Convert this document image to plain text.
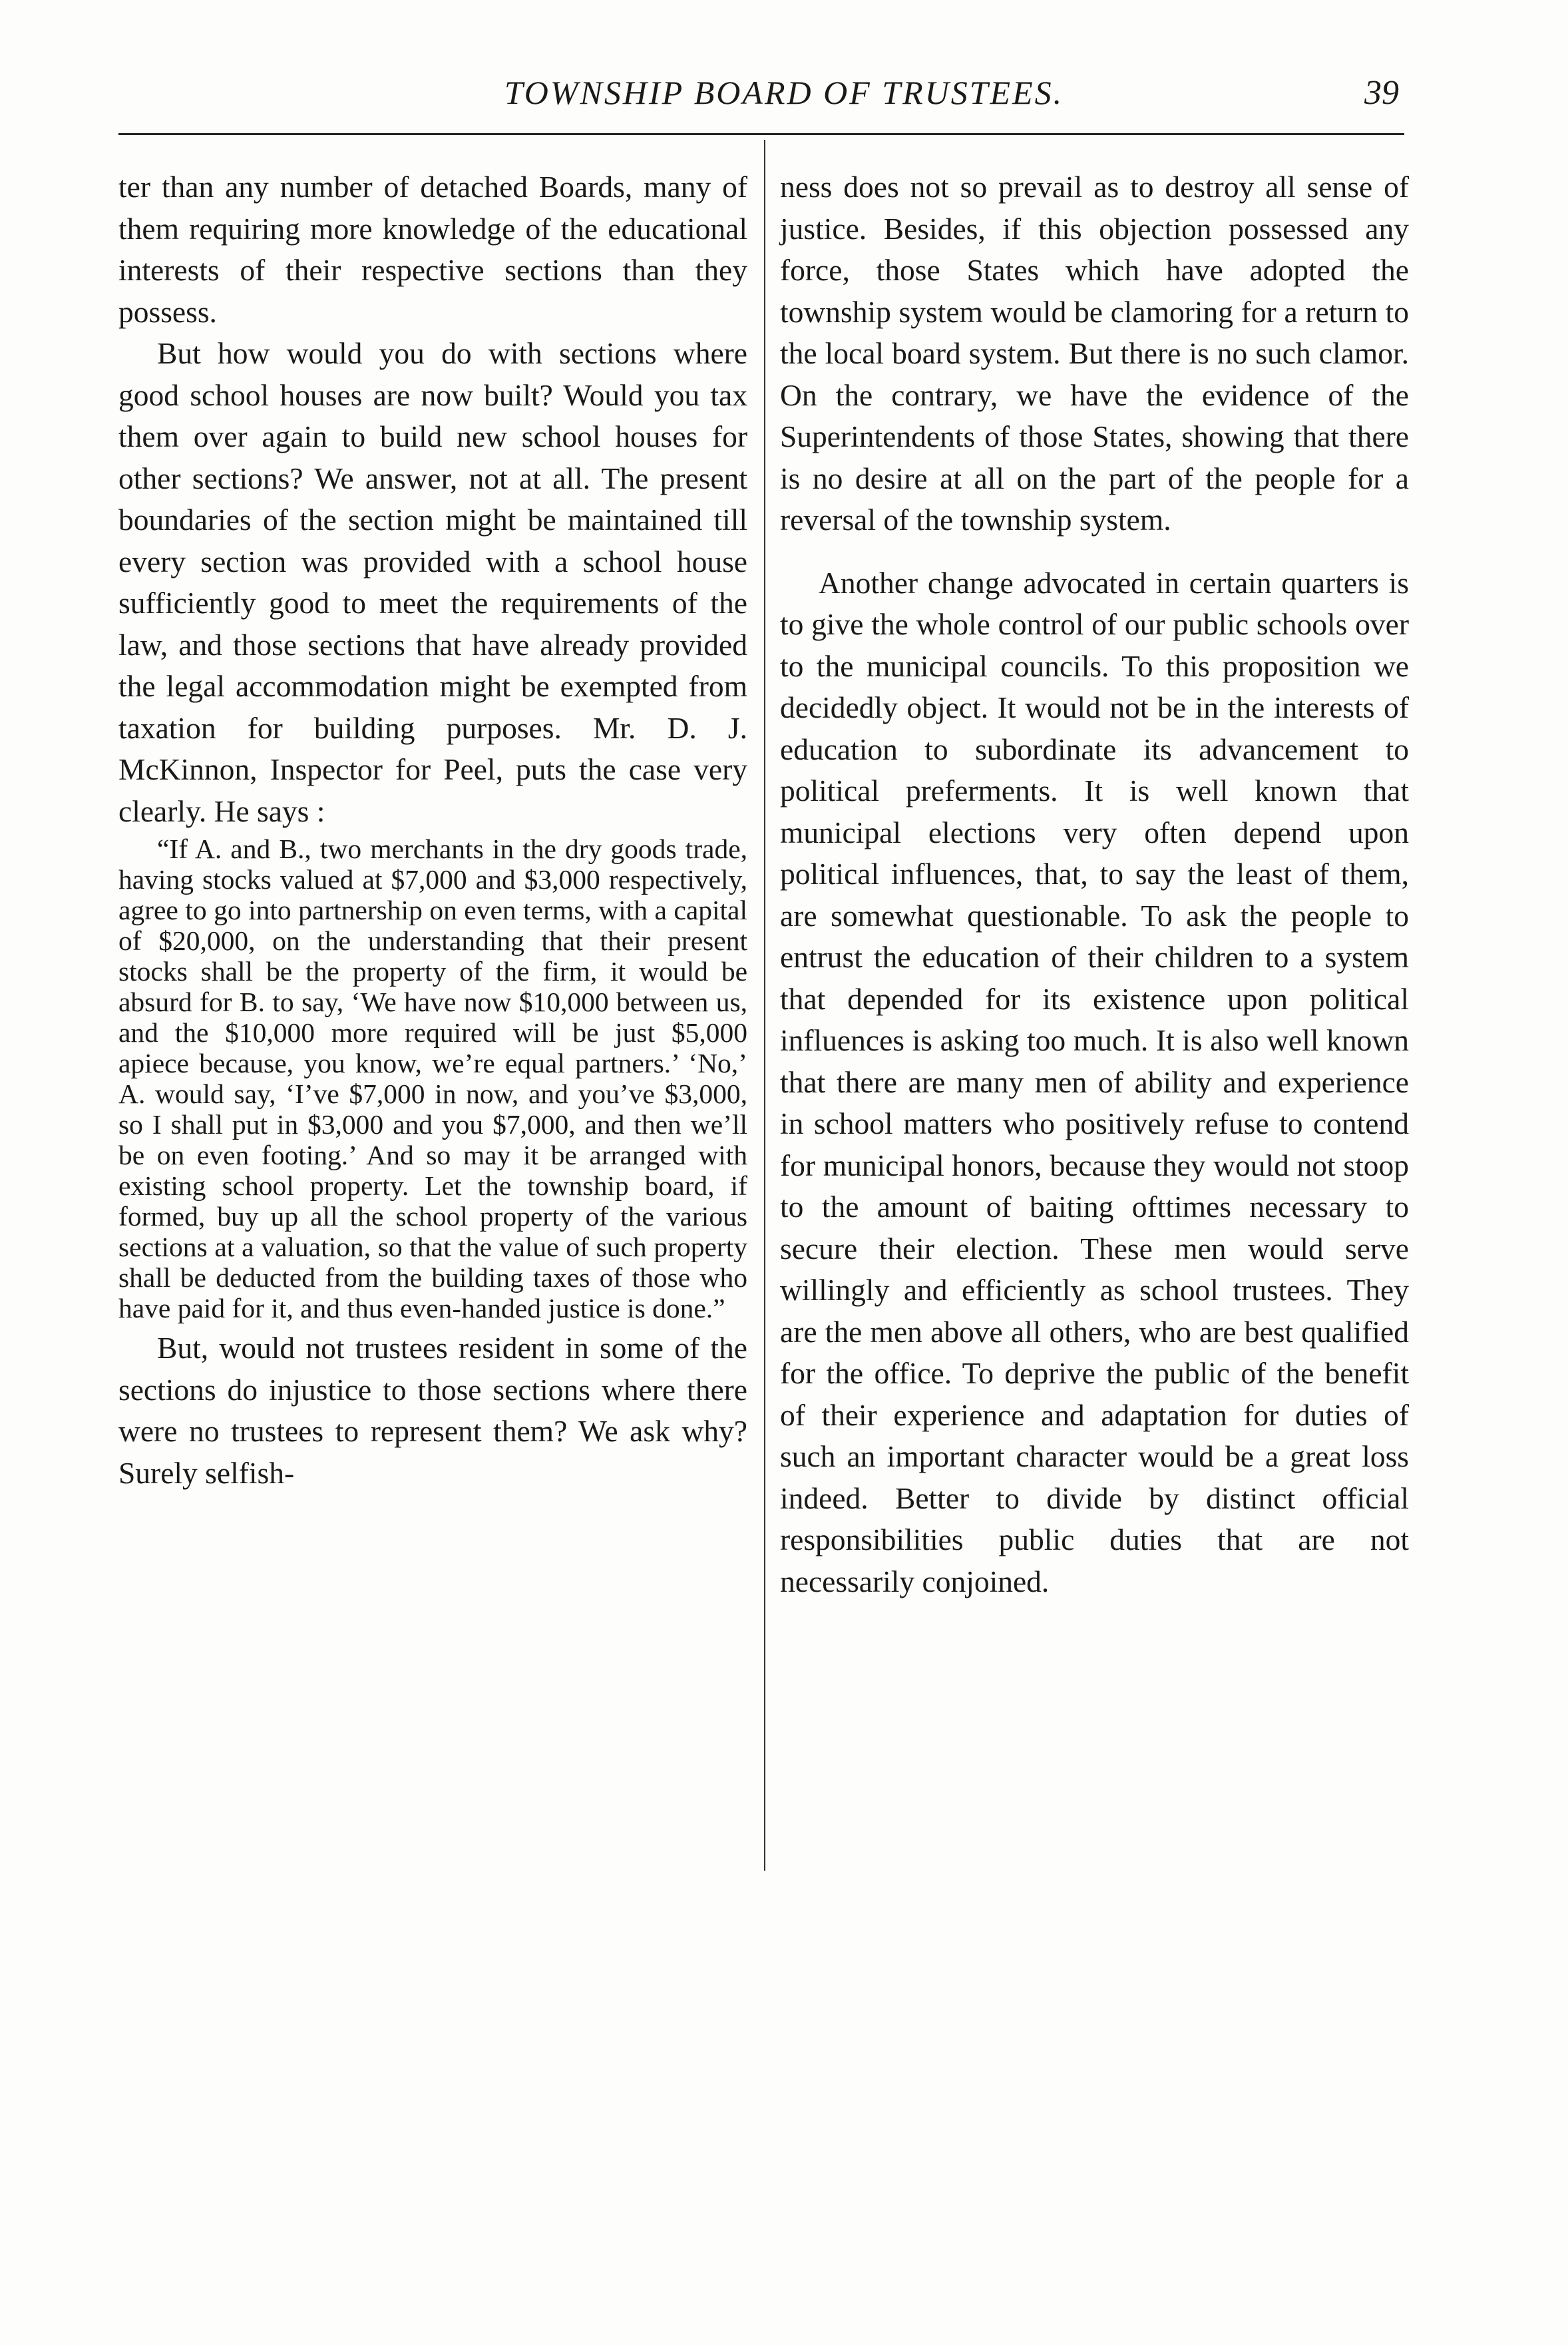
TOWNSHIP BOARD OF TRUSTEES.	39

ter than any number of detached Boards, many of them requiring more knowledge of the educational interests of their respective sections than they possess.

But how would you do with sections where good school houses are now built? Would you tax them over again to build new school houses for other sections? We answer, not at all. The present boundaries of the section might be maintained till every section was provided with a school house sufficiently good to meet the requirements of the law, and those sections that have already provided the legal accommodation might be exempted from taxation for building purposes. Mr. D. J. McKinnon, Inspector for Peel, puts the case very clearly. He says :

“If A. and B., two merchants in the dry goods trade, having stocks valued at $7,000 and $3,000 respectively, agree to go into partnership on even terms, with a capital of $20,000, on the understanding that their present stocks shall be the property of the firm, it would be absurd for B. to say, ‘We have now $10,000 between us, and the $10,000 more required will be just $5,000 apiece because, you know, we’re equal partners.’ ‘No,’ A. would say, ‘I’ve $7,000 in now, and you’ve $3,000, so I shall put in $3,000 and you $7,000, and then we’ll be on even footing.’ And so may it be arranged with existing school property. Let the township board, if formed, buy up all the school property of the various sections at a valuation, so that the value of such property shall be deducted from the building taxes of those who have paid for it, and thus even-handed justice is done.”

But, would not trustees resident in some of the sections do injustice to those sections where there were no trustees to represent them? We ask why? Surely selfish-

ness does not so prevail as to destroy all sense of justice. Besides, if this objection possessed any force, those States which have adopted the township system would be clamoring for a return to the local board system. But there is no such clamor. On the contrary, we have the evidence of the Superintendents of those States, showing that there is no desire at all on the part of the people for a reversal of the township system.

Another change advocated in certain quarters is to give the whole control of our public schools over to the municipal councils. To this proposition we decidedly object. It would not be in the interests of education to subordinate its advancement to political preferments. It is well known that municipal elections very often depend upon political influences, that, to say the least of them, are somewhat questionable. To ask the people to entrust the education of their children to a system that depended for its existence upon political influences is asking too much. It is also well known that there are many men of ability and experience in school matters who positively refuse to contend for municipal honors, because they would not stoop to the amount of baiting ofttimes necessary to secure their election. These men would serve willingly and efficiently as school trustees. They are the men above all others, who are best qualified for the office. To deprive the public of the benefit of their experience and adaptation for duties of such an important character would be a great loss indeed. Better to divide by distinct official responsibilities public duties that are not necessarily conjoined.
